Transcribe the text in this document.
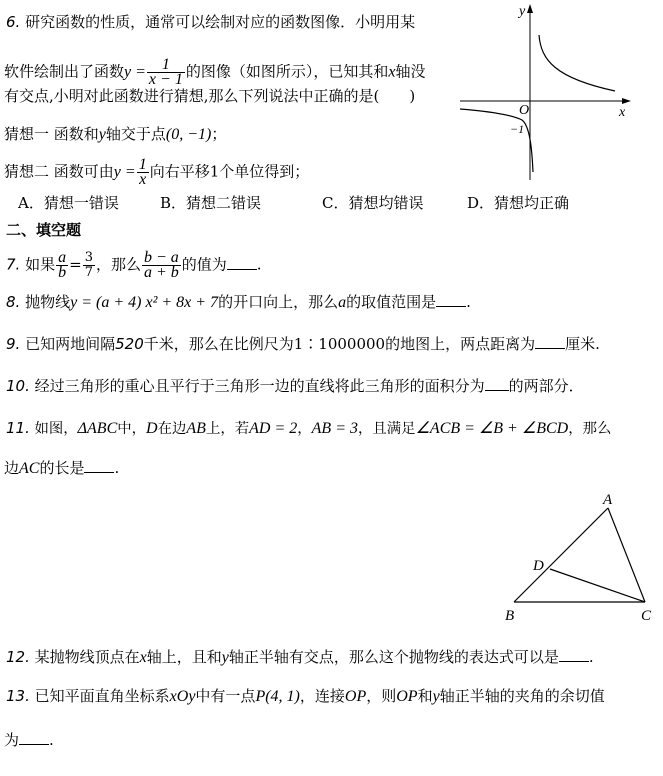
6. 研究函数的性质，通常可以绘制对应的函数图像．小明用某
软件绘制出了函数$y = \frac{1}{x - 1}$ 的图像（如图所示），已知其和x轴没
有交点,小明对此函数进行猜想,那么下列说法中正确的是(　　)
猜想一 函数和y轴交于点(0, −1)；
猜想二 函数可由$y = \frac{1}{x}$ 向右平移1个单位得到；
A．猜想一错误	B．猜想二错误	C．猜想均错误	D．猜想均正确
y
x
O
−1
二、填空题
7. 如果 $\frac{a}{b} = \frac{3}{7}$ ，那么 $\frac{b - a}{a + b}$ 的值为 .
8. 抛物线y = (a + 4) x² + 8x + 7的开口向上，那么a的取值范围是 .
9. 已知两地间隔520千米，那么在比例尺为1∶1000000的地图上，两点距离为 厘米.
10. 经过三角形的重心且平行于三角形一边的直线将此三角形的面积分为 的两部分．
11. 如图，ΔABC中，D在边AB上，若AD = 2，AB = 3，且满足∠ACB = ∠B + ∠BCD，那么
边AC的长是 .
A
B	C
D
12. 某抛物线顶点在x轴上，且和y轴正半轴有交点，那么这个抛物线的表达式可以是 .
13. 已知平面直角坐标系xOy中有一点P(4, 1)，连接OP，则OP和y轴正半轴的夹角的余切值
为 .
